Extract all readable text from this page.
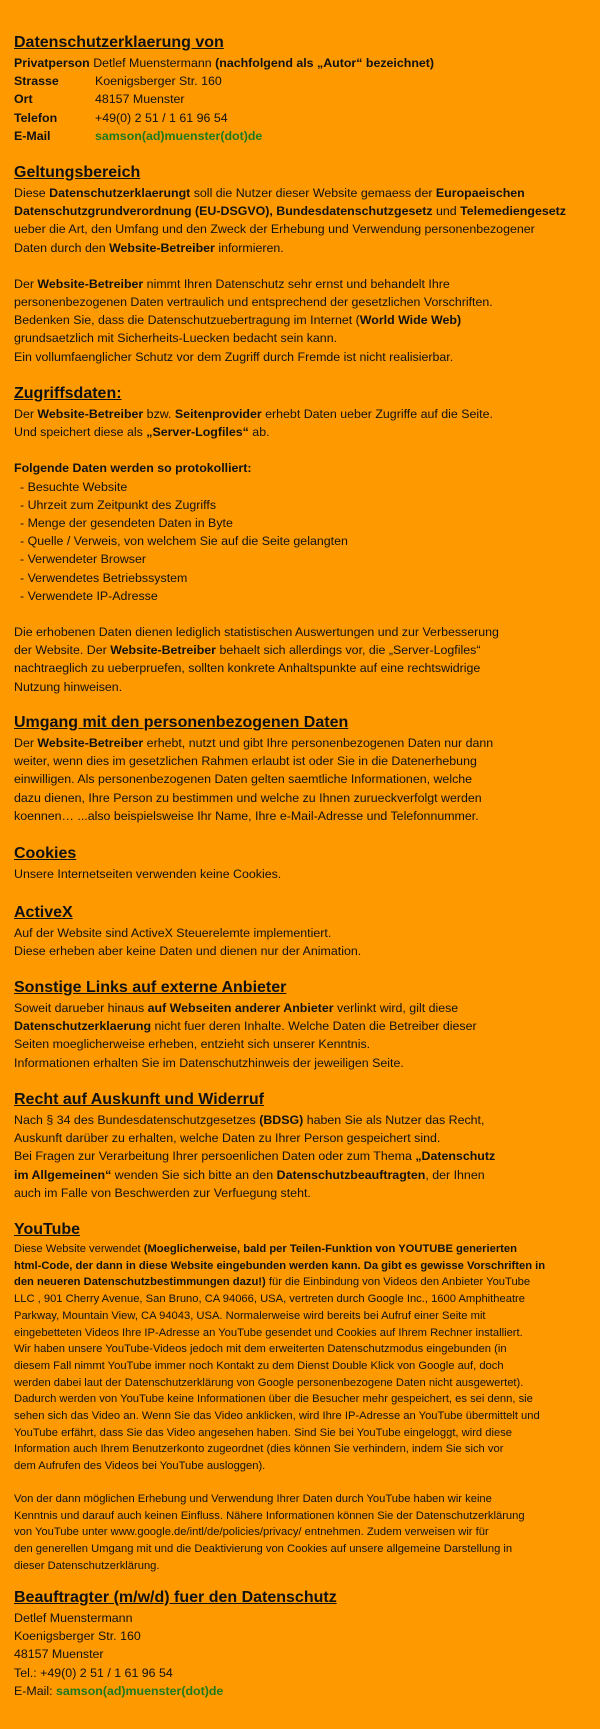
Datenschutzerklaerung von
Privatperson Detlef Muenstermann (nachfolgend als „Autor“ bezeichnet)
Strasse	Koenigsberger Str. 160
Ort	48157 Muenster
Telefon	+49(0) 2 51 / 1 61 96 54
E-Mail	samson(ad)muenster(dot)de
Geltungsbereich
Diese Datenschutzerklaerungt soll die Nutzer dieser Website gemaess der Europaeischen
Datenschutzgrundverordnung (EU-DSGVO), Bundesdatenschutzgesetz und Telemediengesetz
ueber die Art, den Umfang und den Zweck der Erhebung und Verwendung personenbezogener
Daten durch den Website-Betreiber informieren.
Der Website-Betreiber nimmt Ihren Datenschutz sehr ernst und behandelt Ihre
personenbezogenen Daten vertraulich und entsprechend der gesetzlichen Vorschriften.
Bedenken Sie, dass die Datenschutzuebertragung im Internet (World Wide Web)
grundsaetzlich mit Sicherheits-Luecken bedacht sein kann.
Ein vollumfaenglicher Schutz vor dem Zugriff durch Fremde ist nicht realisierbar.
Zugriffsdaten:
Der Website-Betreiber bzw. Seitenprovider erhebt Daten ueber Zugriffe auf die Seite.
Und speichert diese als „Server-Logfiles“ ab.
Folgende Daten werden so protokolliert:
- Besuchte Website
- Uhrzeit zum Zeitpunkt des Zugriffs
- Menge der gesendeten Daten in Byte
- Quelle / Verweis, von welchem Sie auf die Seite gelangten
- Verwendeter Browser
- Verwendetes Betriebssystem
- Verwendete IP-Adresse
Die erhobenen Daten dienen lediglich statistischen Auswertungen und zur Verbesserung
der Website. Der Website-Betreiber behaelt sich allerdings vor, die „Server-Logfiles“
nachtraeglich zu ueberpruefen, sollten konkrete Anhaltspunkte auf eine rechtswidrige
Nutzung hinweisen.
Umgang mit den personenbezogenen Daten
Der Website-Betreiber erhebt, nutzt und gibt Ihre personenbezogenen Daten nur dann
weiter, wenn dies im gesetzlichen Rahmen erlaubt ist oder Sie in die Datenerhebung
einwilligen. Als personenbezogenen Daten gelten saemtliche Informationen, welche
dazu dienen, Ihre Person zu bestimmen und welche zu Ihnen zurueckverfolgt werden
koennen… ...also beispielsweise Ihr Name, Ihre e-Mail-Adresse und Telefonnummer.
Cookies
Unsere Internetseiten verwenden keine Cookies.
ActiveX
Auf der Website sind ActiveX Steuerelemte implementiert.
Diese erheben aber keine Daten und dienen nur der Animation.
Sonstige Links auf externe Anbieter
Soweit darueber hinaus auf Webseiten anderer Anbieter verlinkt wird, gilt diese
Datenschutzerklaerung nicht fuer deren Inhalte. Welche Daten die Betreiber dieser
Seiten moeglicherweise erheben, entzieht sich unserer Kenntnis.
Informationen erhalten Sie im Datenschutzhinweis der jeweiligen Seite.
Recht auf Auskunft und Widerruf
Nach § 34 des Bundesdatenschutzgesetzes (BDSG) haben Sie als Nutzer das Recht,
Auskunft darüber zu erhalten, welche Daten zu Ihrer Person gespeichert sind.
Bei Fragen zur Verarbeitung Ihrer persoenlichen Daten oder zum Thema „Datenschutz
im Allgemeinen“ wenden Sie sich bitte an den Datenschutzbeauftragten, der Ihnen
auch im Falle von Beschwerden zur Verfuegung steht.
YouTube
Diese Website verwendet (Moeglicherweise, bald per Teilen-Funktion von YOUTUBE generierten
html-Code, der dann in diese Website eingebunden werden kann. Da gibt es gewisse Vorschriften in
den neueren Datenschutzbestimmungen dazu!) für die Einbindung von Videos den Anbieter YouTube
LLC , 901 Cherry Avenue, San Bruno, CA 94066, USA, vertreten durch Google Inc., 1600 Amphitheatre
Parkway, Mountain View, CA 94043, USA. Normalerweise wird bereits bei Aufruf einer Seite mit
eingebetteten Videos Ihre IP-Adresse an YouTube gesendet und Cookies auf Ihrem Rechner installiert.
Wir haben unsere YouTube-Videos jedoch mit dem erweiterten Datenschutzmodus eingebunden (in
diesem Fall nimmt YouTube immer noch Kontakt zu dem Dienst Double Klick von Google auf, doch
werden dabei laut der Datenschutzerklärung von Google personenbezogene Daten nicht ausgewertet).
Dadurch werden von YouTube keine Informationen über die Besucher mehr gespeichert, es sei denn, sie
sehen sich das Video an. Wenn Sie das Video anklicken, wird Ihre IP-Adresse an YouTube übermittelt und
YouTube erfährt, dass Sie das Video angesehen haben. Sind Sie bei YouTube eingeloggt, wird diese
Information auch Ihrem Benutzerkonto zugeordnet (dies können Sie verhindern, indem Sie sich vor
dem Aufrufen des Videos bei YouTube ausloggen).
Von der dann möglichen Erhebung und Verwendung Ihrer Daten durch YouTube haben wir keine
Kenntnis und darauf auch keinen Einfluss. Nähere Informationen können Sie der Datenschutzerklärung
von YouTube unter www.google.de/intl/de/policies/privacy/ entnehmen. Zudem verweisen wir für
den generellen Umgang mit und die Deaktivierung von Cookies auf unsere allgemeine Darstellung in
dieser Datenschutzerklärung.
Beauftragter (m/w/d) fuer den Datenschutz
Detlef Muenstermann
Koenigsberger Str. 160
48157 Muenster
Tel.: +49(0) 2 51 / 1 61 96 54
E-Mail: samson(ad)muenster(dot)de
